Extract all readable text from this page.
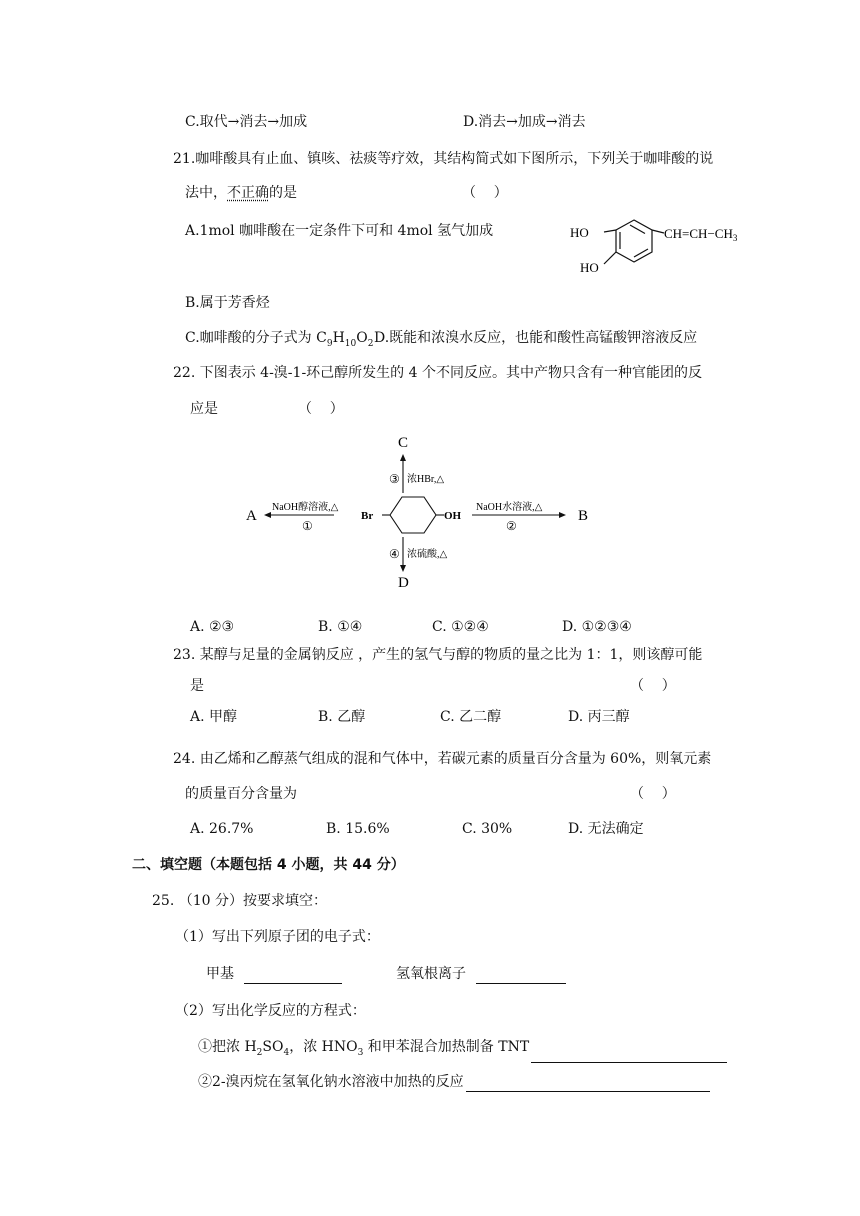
C.取代→消去→加成	D.消去→加成→消去
21.咖啡酸具有止血、镇咳、祛痰等疗效，其结构简式如下图所示，下列关于咖啡酸的说
法中，不正确的是	（    ）
A.1mol 咖啡酸在一定条件下可和 4mol 氢气加成	HO
HO
$CH=CH-CH_3$
B.属于芳香烃
C.咖啡酸的分子式为 $C_9H_{10}O_2$ D.既能和浓溴水反应，也能和酸性高锰酸钾溶液反应
22. 下图表示 4-溴-1-环己醇所发生的 4 个不同反应。其中产物只含有一种官能团的反
应是	（    ）
C
D
A	B
Br	OH
NaOH醇溶液,△
①
NaOH水溶液,△
②
③ 浓HBr,△
④ 浓硫酸,△
A. ②③	B. ①④	C. ①②④	D. ①②③④
23. 某醇与足量的金属钠反应 ，产生的氢气与醇的物质的量之比为 1：1，则该醇可能
是	（    ）
A. 甲醇	B. 乙醇	C. 乙二醇	D. 丙三醇
24. 由乙烯和乙醇蒸气组成的混和气体中，若碳元素的质量百分含量为 60%，则氧元素
的质量百分含量为	（    ）
A. 26.7%	B. 15.6%	C. 30%	D. 无法确定
二、填空题（本题包括 4 小题，共 44 分）
25. （10 分）按要求填空：
（1）写出下列原子团的电子式：
甲基	氢氧根离子
（2）写出化学反应的方程式：
①把浓 $H_2SO_4$，浓 $HNO_3$ 和甲苯混合加热制备 TNT
②2-溴丙烷在氢氧化钠水溶液中加热的反应
